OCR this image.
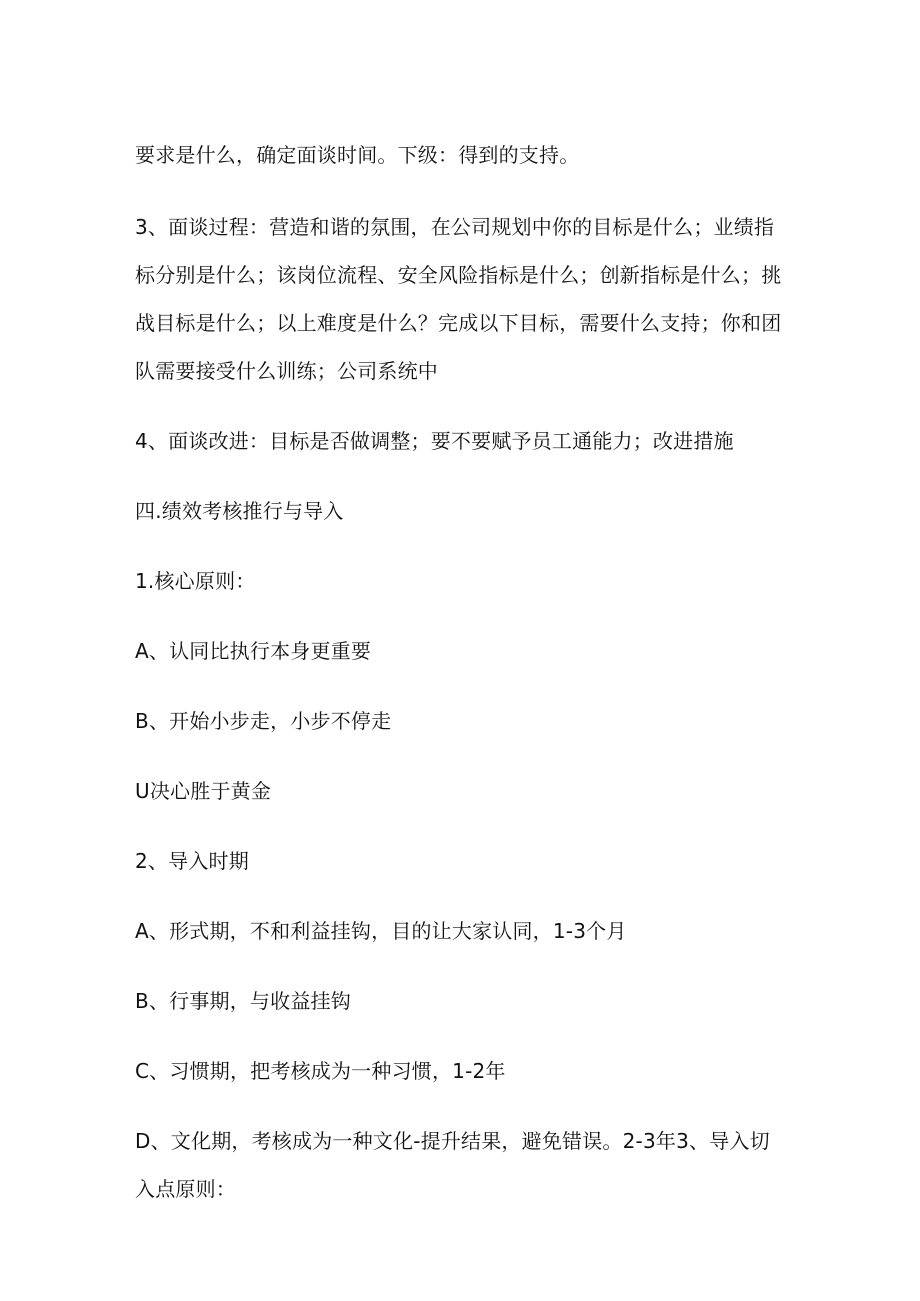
要求是什么，确定面谈时间。下级：得到的支持。

3、面谈过程：营造和谐的氛围，在公司规划中你的目标是什么；业绩指标分别是什么；该岗位流程、安全风险指标是什么；创新指标是什么；挑战目标是什么；以上难度是什么？完成以下目标，需要什么支持；你和团队需要接受什么训练；公司系统中

4、面谈改进：目标是否做调整；要不要赋予员工通能力；改进措施

四.绩效考核推行与导入

1.核心原则：

A、认同比执行本身更重要

B、开始小步走，小步不停走

U决心胜于黄金

2、导入时期

A、形式期，不和利益挂钩，目的让大家认同，1-3个月

B、行事期，与收益挂钩

C、习惯期，把考核成为一种习惯，1-2年

D、文化期，考核成为一种文化-提升结果，避免错误。2-3年3、导入切入点原则：
